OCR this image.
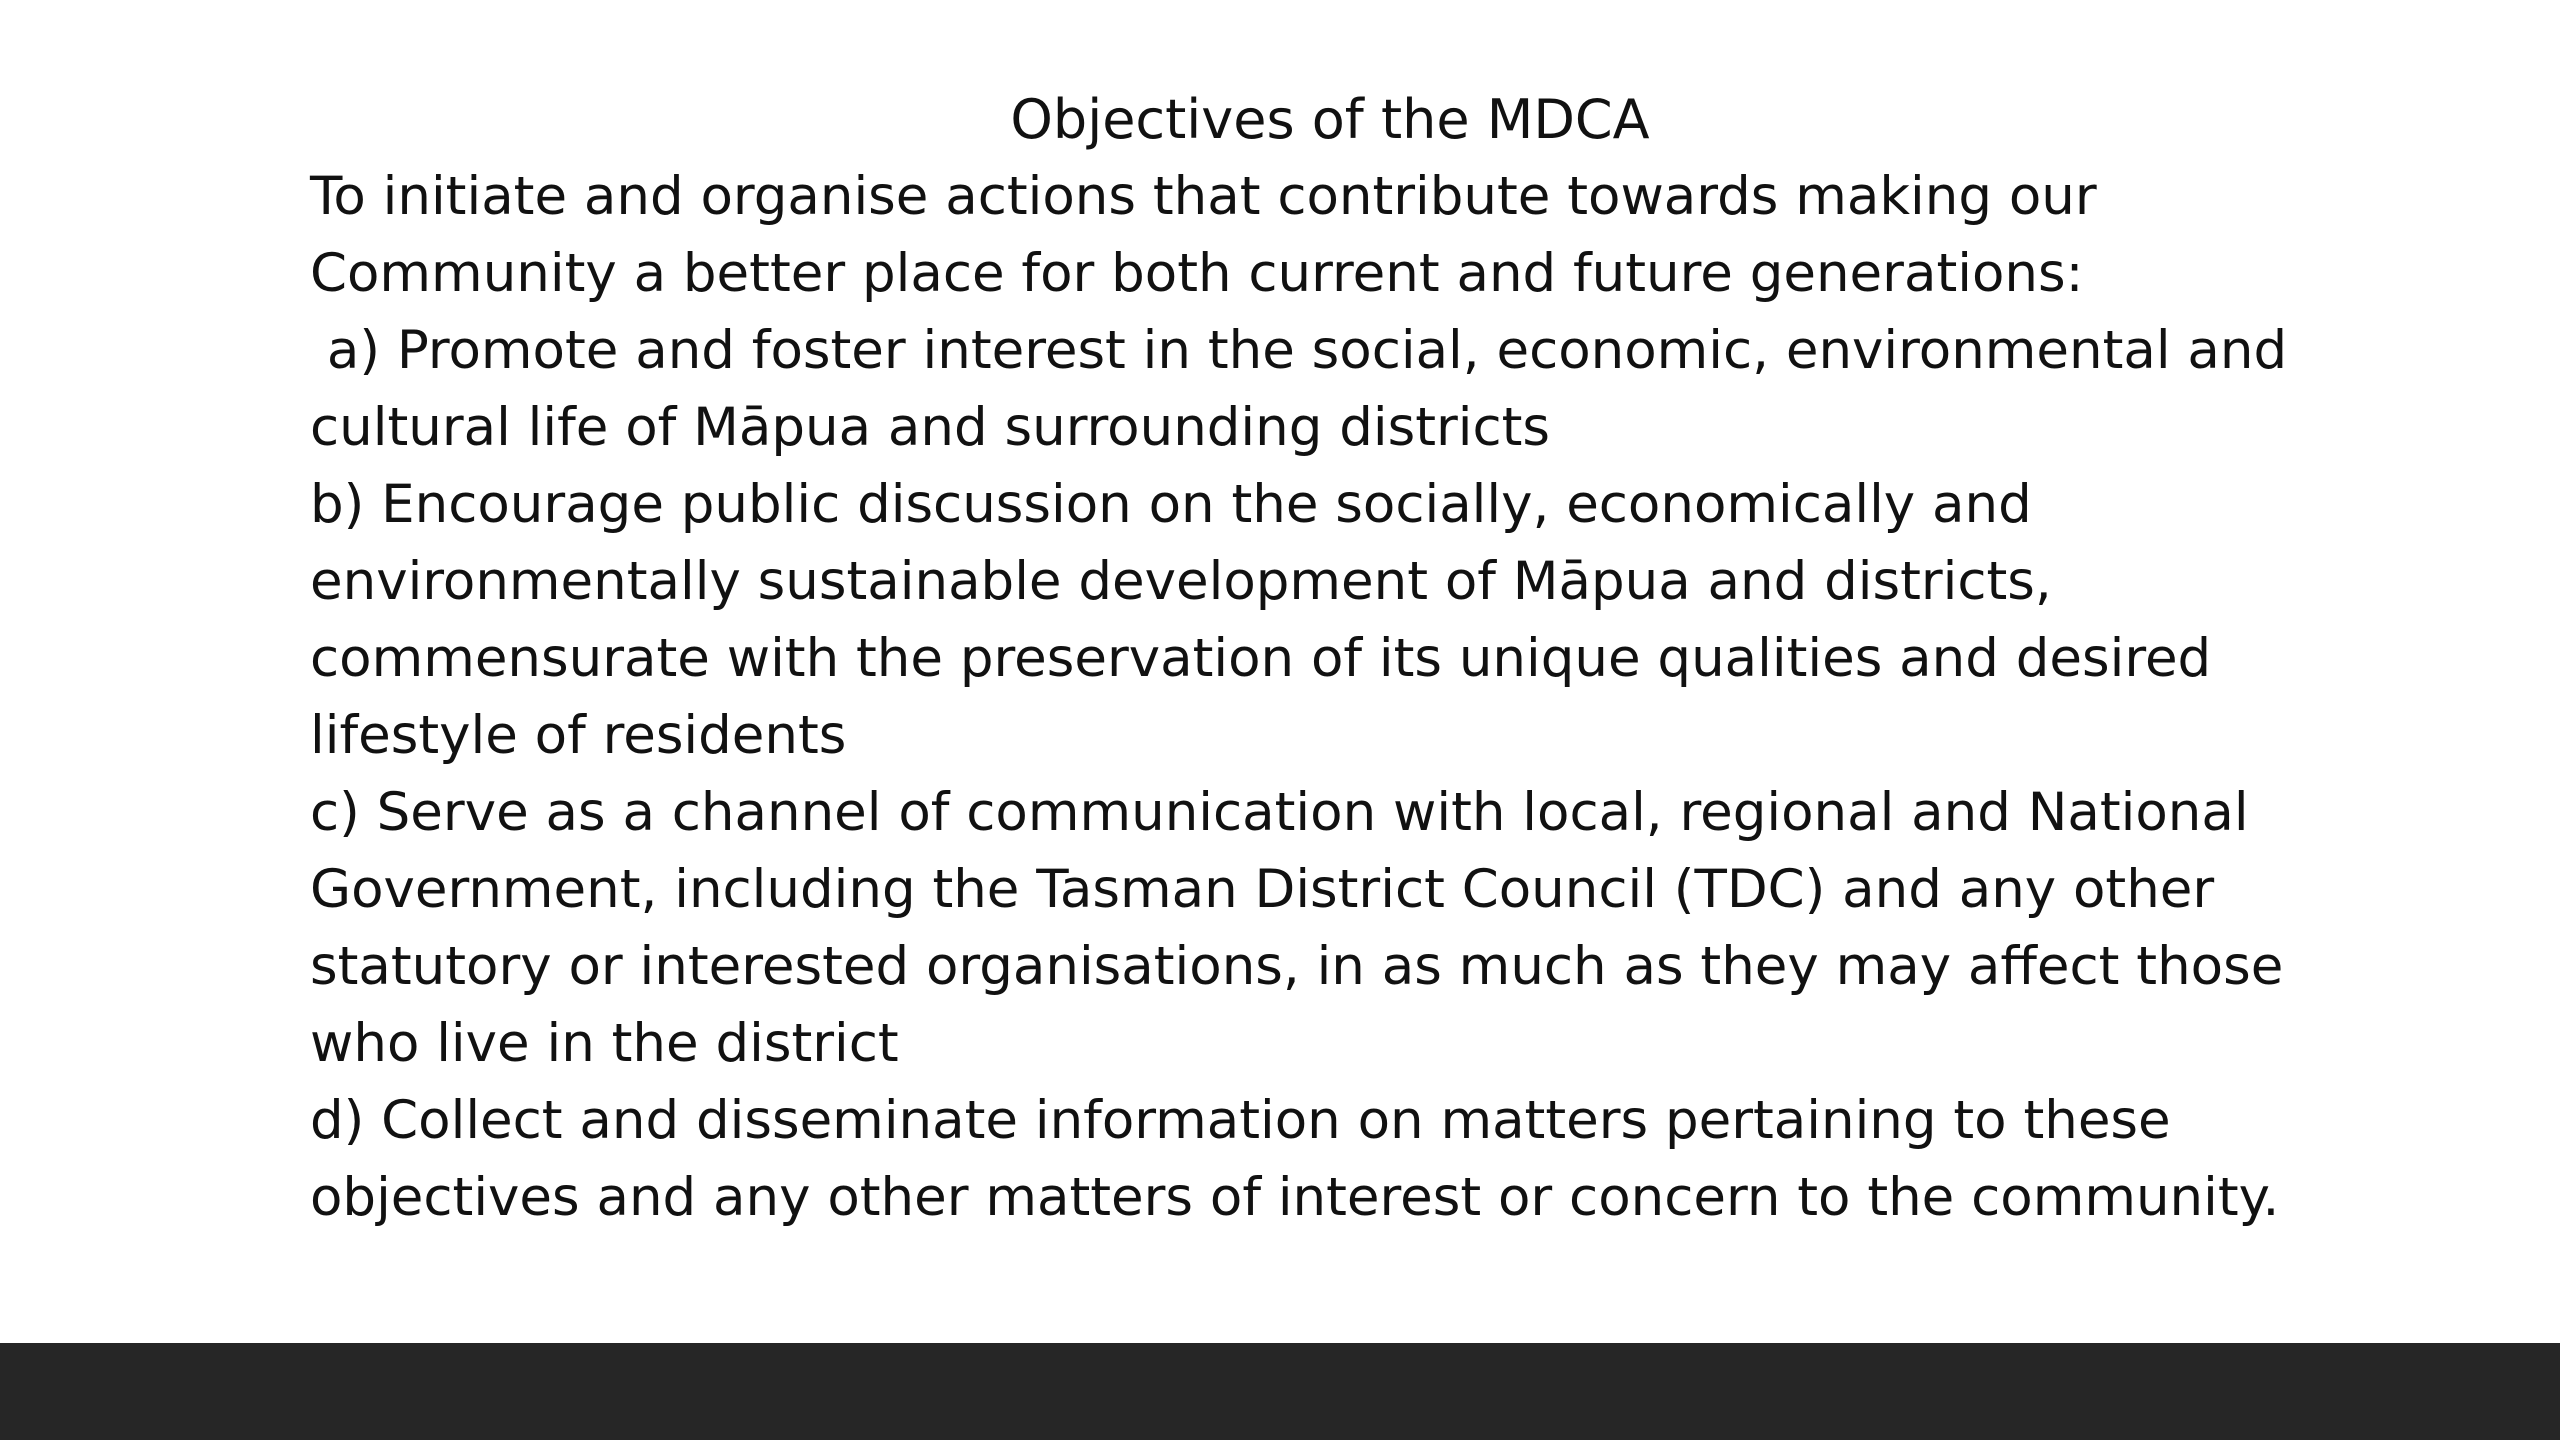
Objectives of the MDCA

To initiate and organise actions that contribute towards making our

Community a better place for both current and future generations:

a) Promote and foster interest in the social, economic, environmental and

cultural life of Māpua and surrounding districts

b) Encourage public discussion on the socially, economically and

environmentally sustainable development of Māpua and districts,

commensurate with the preservation of its unique qualities and desired

lifestyle of residents

c) Serve as a channel of communication with local, regional and National

Government, including the Tasman District Council (TDC) and any other

statutory or interested organisations, in as much as they may affect those

who live in the district

d) Collect and disseminate information on matters pertaining to these

objectives and any other matters of interest or concern to the community.
